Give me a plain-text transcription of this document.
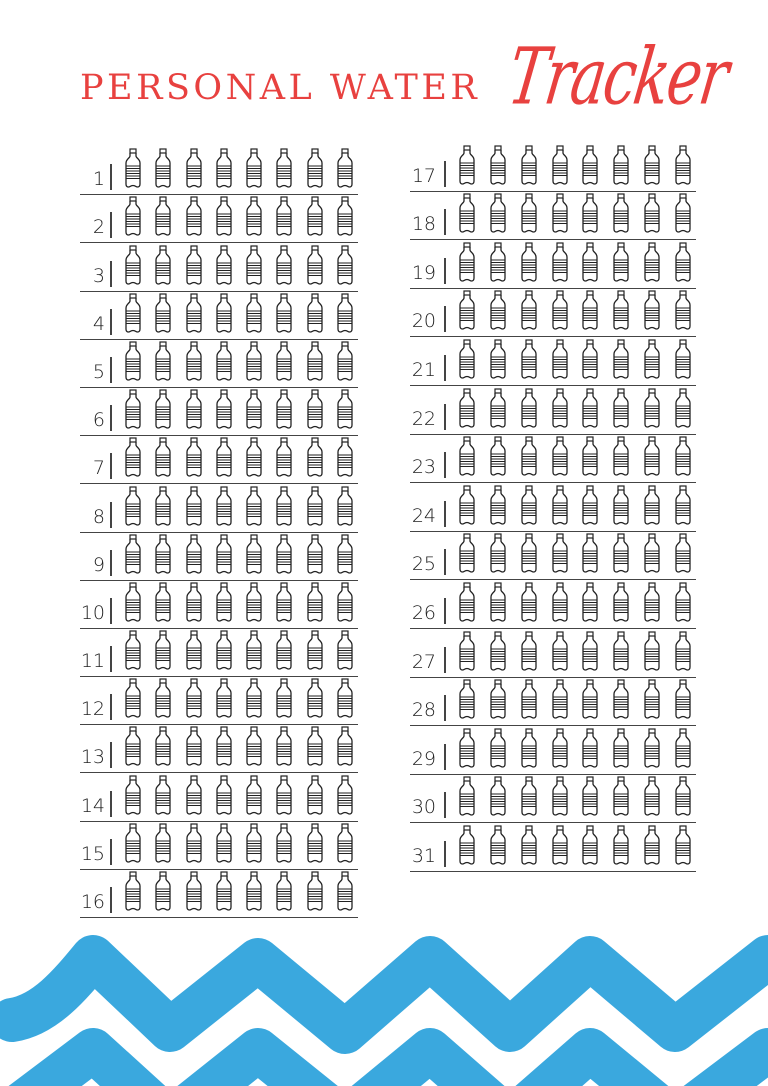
PERSONAL WATER Tracker
1
2
3
4
5
6
7
8
9
10
11
12
13
14
15
16
17
18
19
20
21
22
23
24
25
26
27
28
29
30
31
